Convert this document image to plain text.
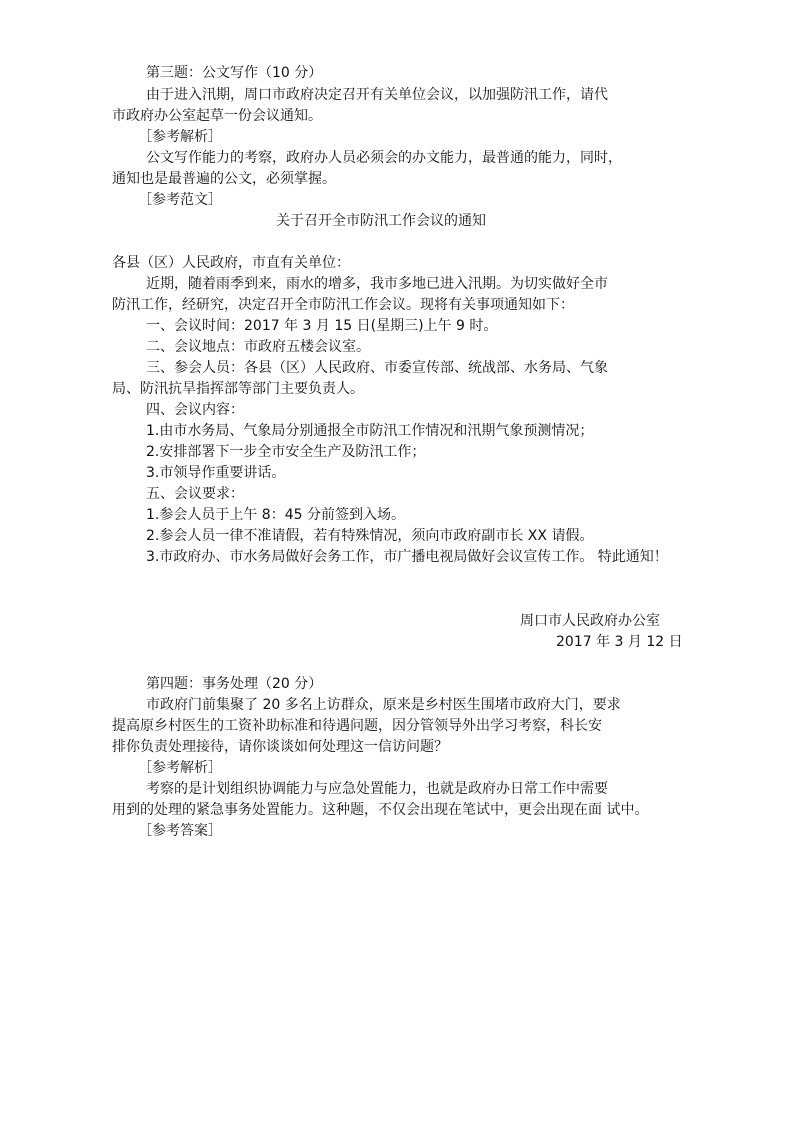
第三题：公文写作（10 分）
由于进入汛期，周口市政府决定召开有关单位会议，以加强防汛工作，请代
市政府办公室起草一份会议通知。
［参考解析］
公文写作能力的考察，政府办人员必须会的办文能力，最普通的能力，同时，
通知也是最普遍的公文，必须掌握。
［参考范文］
关于召开全市防汛工作会议的通知
各县（区）人民政府，市直有关单位：
近期，随着雨季到来，雨水的增多，我市多地已进入汛期。为切实做好全市
防汛工作，经研究，决定召开全市防汛工作会议。现将有关事项通知如下：
一、会议时间：2017 年 3 月 15 日(星期三)上午 9 时。
二、会议地点：市政府五楼会议室。
三、参会人员：各县（区）人民政府、市委宣传部、统战部、水务局、气象
局、防汛抗旱指挥部等部门主要负责人。
四、会议内容：
1.由市水务局、气象局分别通报全市防汛工作情况和汛期气象预测情况；
2.安排部署下一步全市安全生产及防汛工作；
3.市领导作重要讲话。
五、会议要求：
1.参会人员于上午 8：45 分前签到入场。
2.参会人员一律不准请假，若有特殊情况，须向市政府副市长 XX 请假。
3.市政府办、市水务局做好会务工作，市广播电视局做好会议宣传工作。 特此通知！
周口市人民政府办公室
2017 年 3 月 12 日
第四题：事务处理（20 分）
市政府门前集聚了 20 多名上访群众，原来是乡村医生围堵市政府大门，要求
提高原乡村医生的工资补助标准和待遇问题，因分管领导外出学习考察，科长安
排你负责处理接待，请你谈谈如何处理这一信访问题？
［参考解析］
考察的是计划组织协调能力与应急处置能力，也就是政府办日常工作中需要
用到的处理的紧急事务处置能力。这种题，不仅会出现在笔试中，更会出现在面 试中。
［参考答案］
